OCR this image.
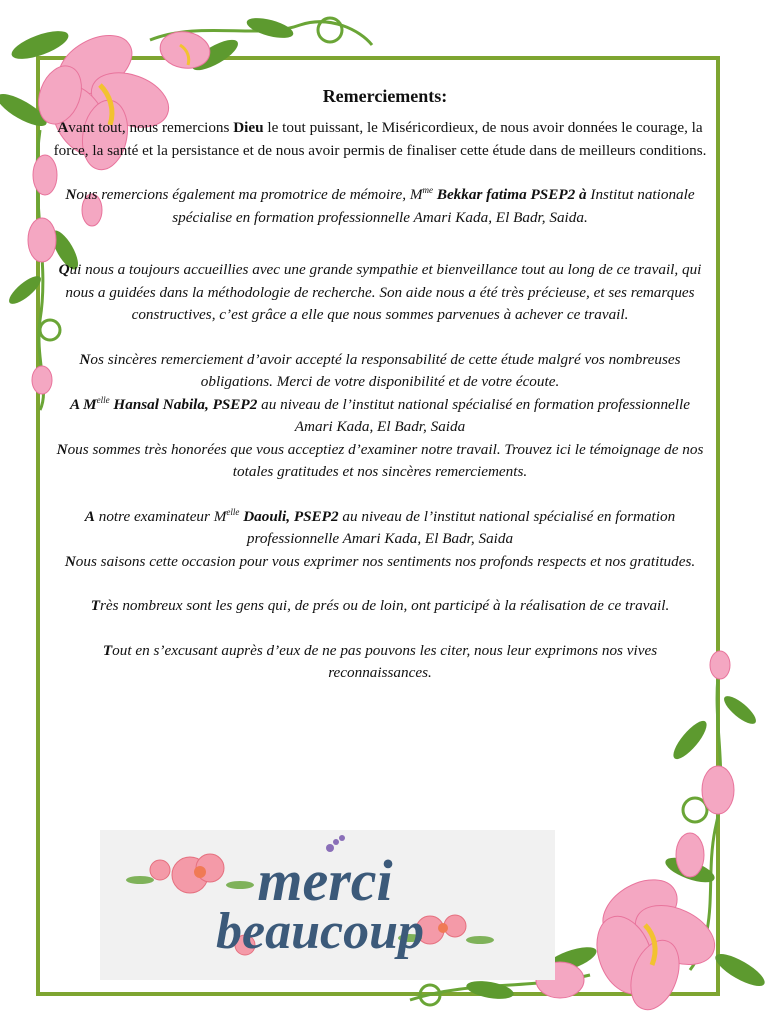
Remerciements:

Avant tout, nous remercions Dieu le tout puissant, le Miséricordieux, de nous avoir données le courage, la force, la santé et la persistance et de nous avoir permis de finaliser cette étude dans de meilleurs conditions.

Nous remercions également ma promotrice de mémoire, $M^{me}$ Bekkar fatima PSEP2 à Institut nationale spécialise en formation professionnelle Amari Kada, El Badr, Saida.

Qui nous a toujours accueillies avec une grande sympathie et bienveillance tout au long de ce travail, qui nous a guidées dans la méthodologie de recherche. Son aide nous a été très précieuse, et ses remarques constructives, c’est grâce a elle que nous sommes parvenues à achever ce travail.

Nos sincères remerciement d’avoir accepté la responsabilité de cette étude malgré vos nombreuses obligations. Merci de votre disponibilité et de votre écoute.
A $M^{elle}$ Hansal Nabila, PSEP2 au niveau de l’institut national spécialisé en formation professionnelle Amari Kada, El Badr, Saida
Nous sommes très honorées que vous acceptiez d’examiner notre travail. Trouvez ici le témoignage de nos totales gratitudes et nos sincères remerciements.

A notre examinateur $M^{elle}$ Daouli, PSEP2 au niveau de l’institut national spécialisé en formation professionnelle Amari Kada, El Badr, Saida
Nous saisons cette occasion pour vous exprimer nos sentiments nos profonds respects et nos gratitudes.

Très nombreux sont les gens qui, de prés ou de loin, ont participé à la réalisation de ce travail.

Tout en s’excusant auprès d’eux de ne pas pouvons les citer, nous leur exprimons nos vives reconnaissances.

merci
beaucoup
